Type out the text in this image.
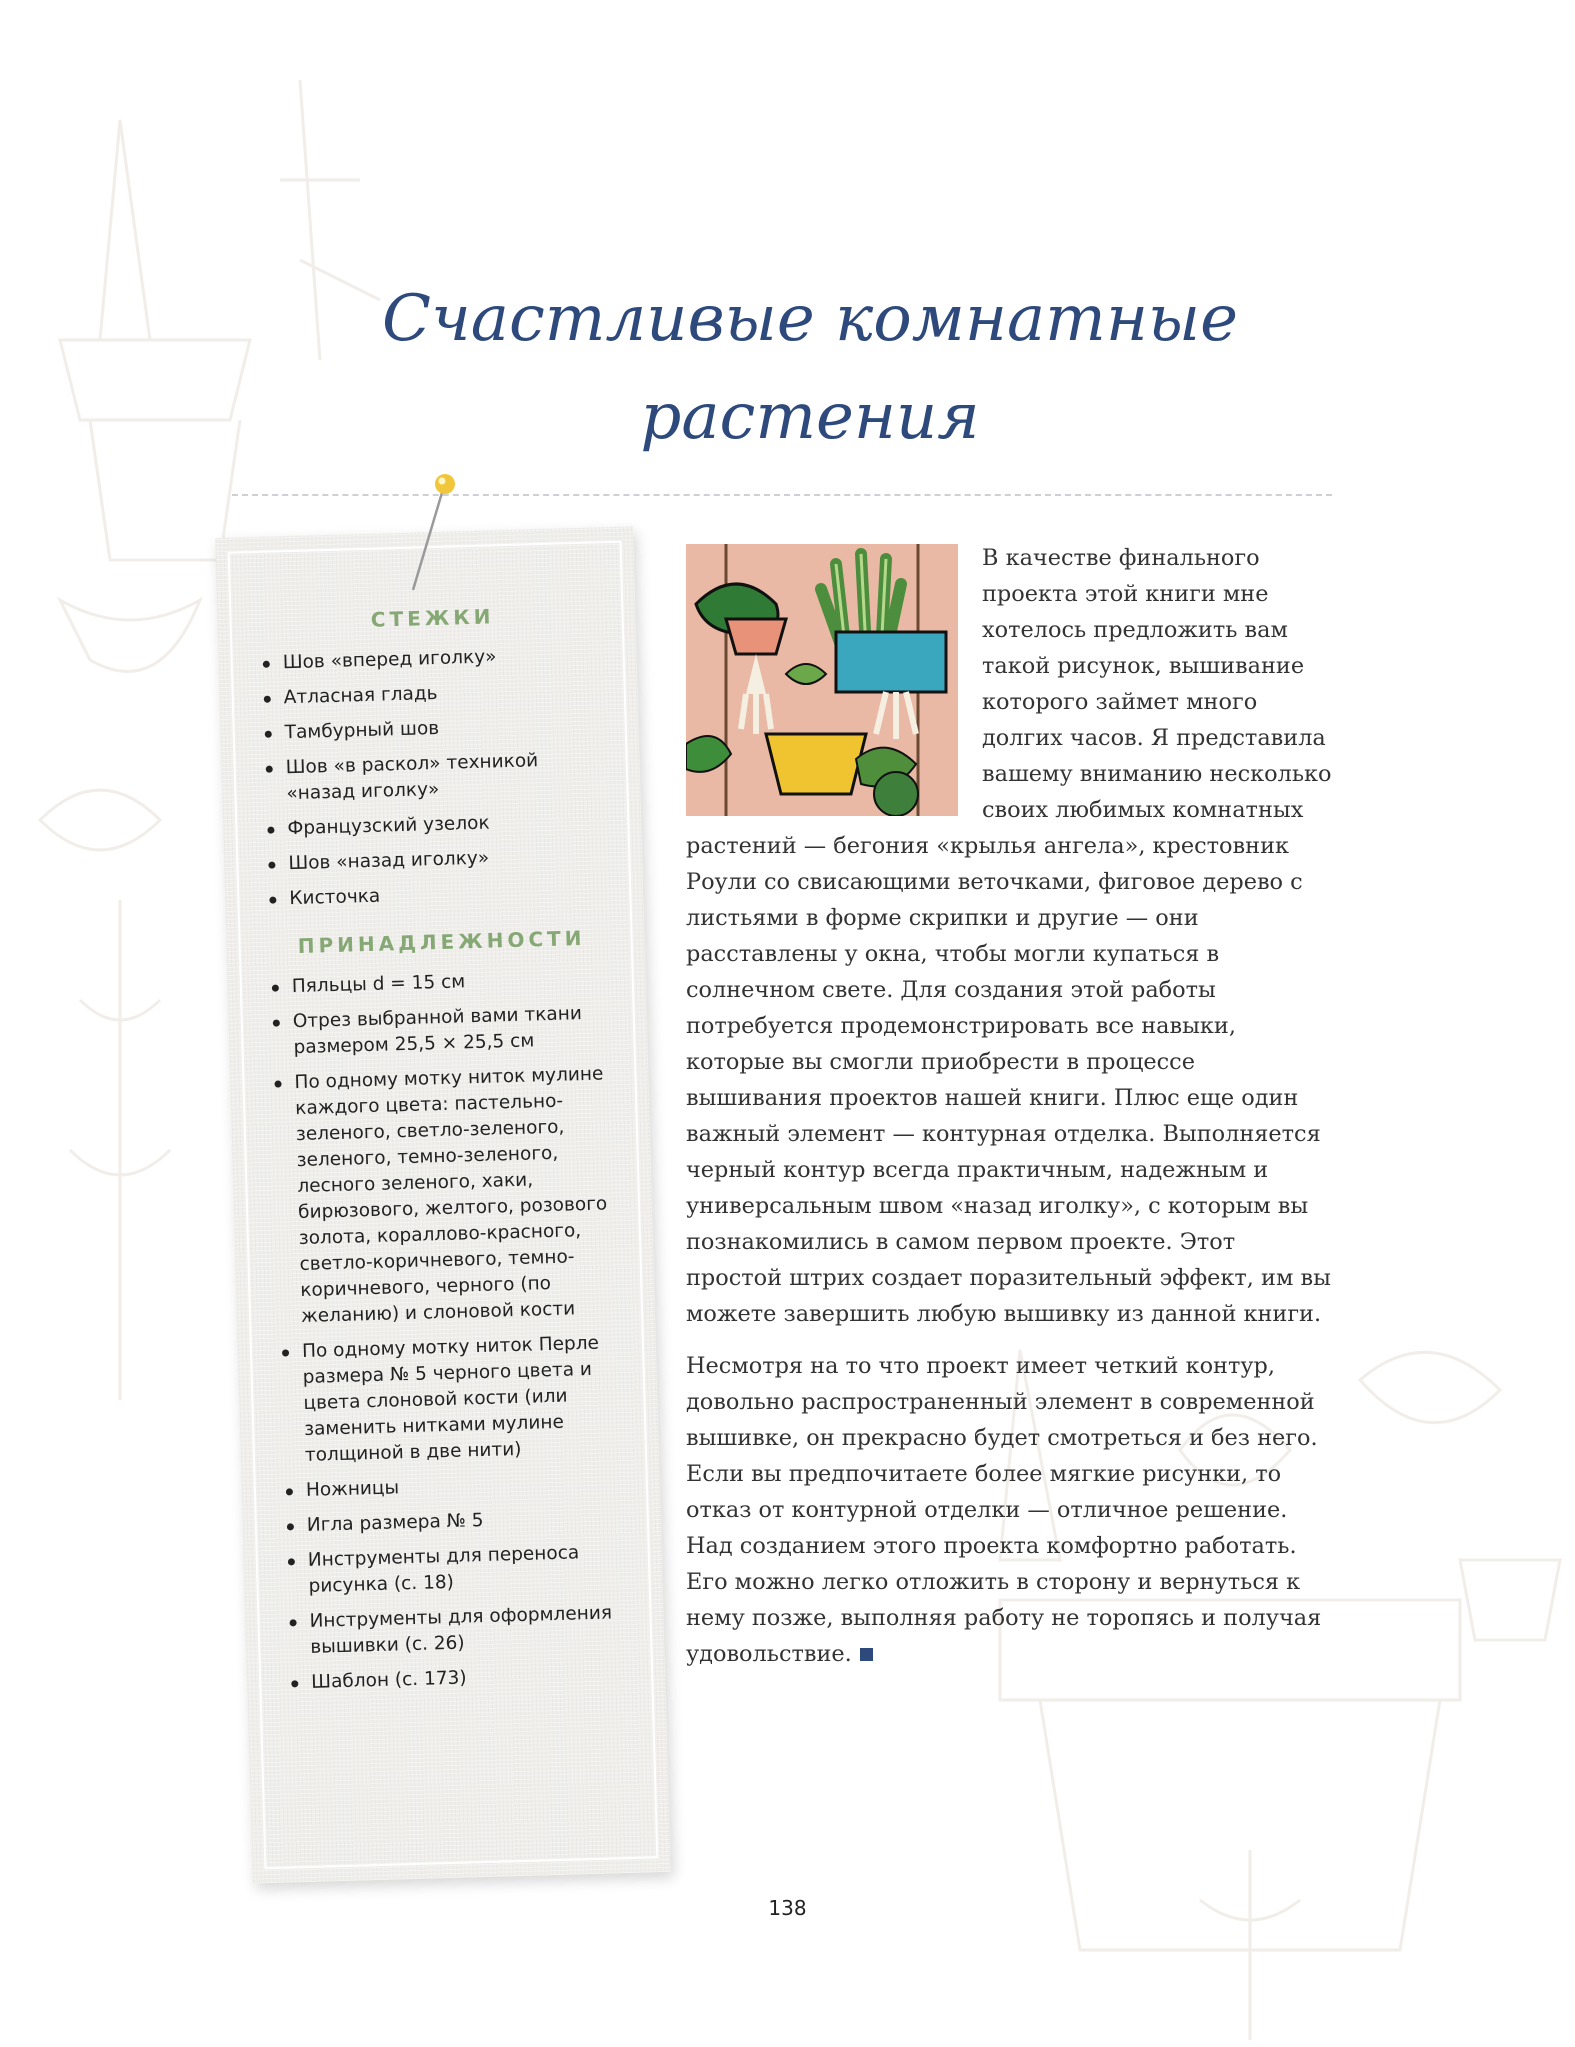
Счастливые комнатные
растения
СТЕЖКИ
Шов «вперед иголку»
Атласная гладь
Тамбурный шов
Шов «в раскол» техникой «назад иголку»
Французский узелок
Шов «назад иголку»
Кисточка
ПРИНАДЛЕЖНОСТИ
Пяльцы d = 15 см
Отрез выбранной вами ткани размером 25,5 × 25,5 см
По одному мотку ниток мулине каждого цвета: пастельно-зеленого, светло-зеленого, зеленого, темно-зеленого, лесного зеленого, хаки, бирюзового, желтого, розового золота, кораллово-красного, светло-коричневого, темно-коричневого, черного (по желанию) и слоновой кости
По одному мотку ниток Перле размера № 5 черного цвета и цвета слоновой кости (или заменить нитками мулине толщиной в две нити)
Ножницы
Игла размера № 5
Инструменты для переноса рисунка (с. 18)
Инструменты для оформления вышивки (с. 26)
Шаблон (с. 173)

В качестве финального проекта этой книги мне хотелось предложить вам такой рисунок, вышивание которого займет много долгих часов. Я представила вашему вниманию несколько своих любимых комнатных растений — бегония «крылья ангела», крестовник Роули со свисающими веточками, фиговое дерево с листьями в форме скрипки и другие — они расставлены у окна, чтобы могли купаться в солнечном свете. Для создания этой работы потребуется продемонстрировать все навыки, которые вы смогли приобрести в процессе вышивания проектов нашей книги. Плюс еще один важный элемент — контурная отделка. Выполняется черный контур всегда практичным, надежным и универсальным швом «назад иголку», с которым вы познакомились в самом первом проекте. Этот простой штрих создает поразительный эффект, им вы можете завершить любую вышивку из данной книги.

Несмотря на то что проект имеет четкий контур, довольно распространенный элемент в современной вышивке, он прекрасно будет смотреться и без него. Если вы предпочитаете более мягкие рисунки, то отказ от контурной отделки — отличное решение. Над созданием этого проекта комфортно работать. Его можно легко отложить в сторону и вернуться к нему позже, выполняя работу не торопясь и получая удовольствие.

138
